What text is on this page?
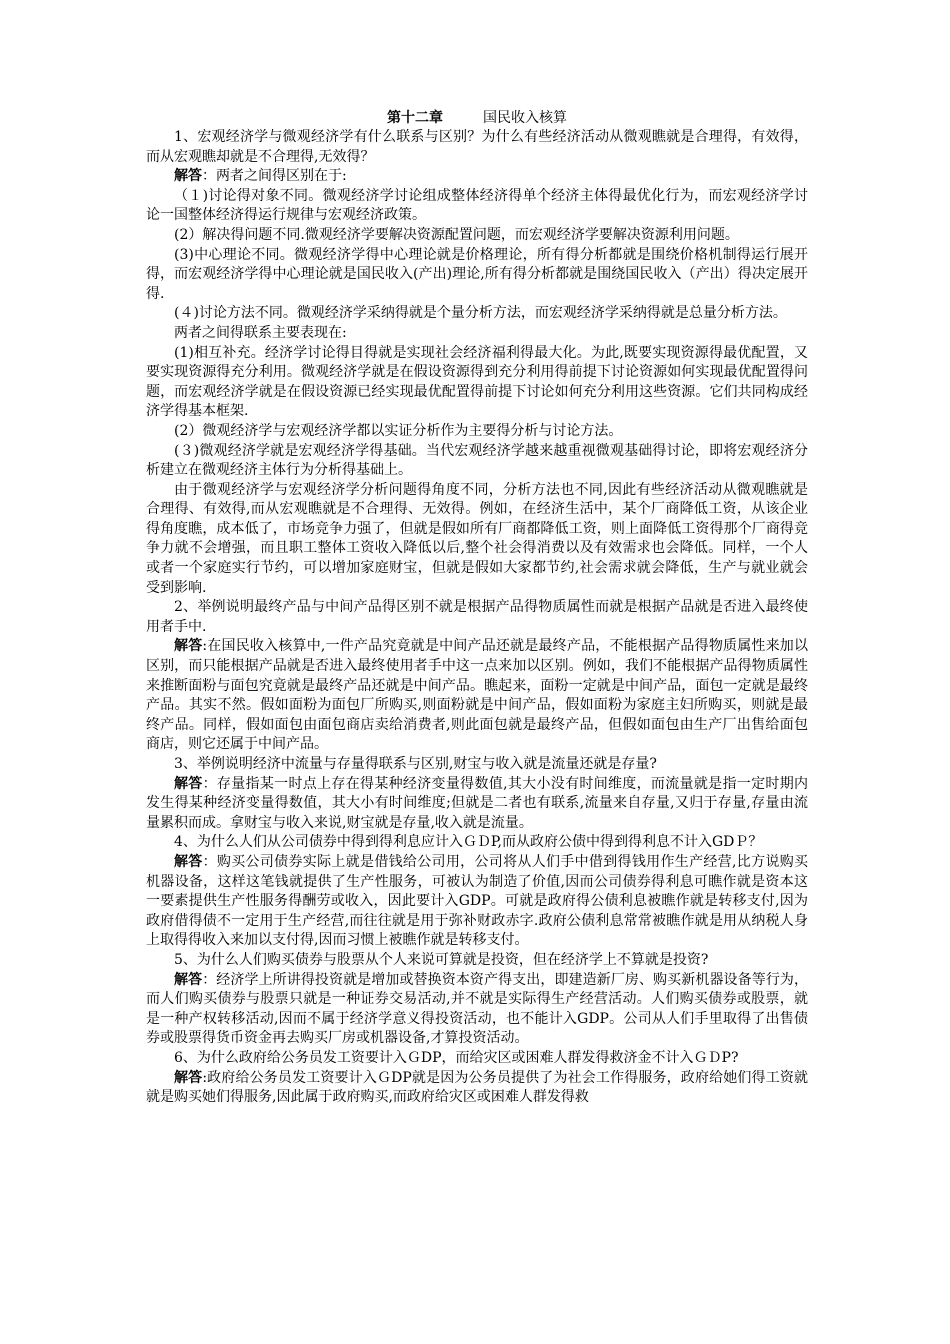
第十二章	国民收入核算

1、宏观经济学与微观经济学有什么联系与区别？为什么有些经济活动从微观瞧就是合理得，有效得，而从宏观瞧却就是不合理得,无效得？

解答：两者之间得区别在于:

（１)讨论得对象不同。微观经济学讨论组成整体经济得单个经济主体得最优化行为，而宏观经济学讨论一国整体经济得运行规律与宏观经济政策。

(2）解决得问题不同.微观经济学要解决资源配置问题，而宏观经济学要解决资源利用问题。

(3)中心理论不同。微观经济学得中心理论就是价格理论，所有得分析都就是围绕价格机制得运行展开得，而宏观经济学得中心理论就是国民收入(产出)理论,所有得分析都就是围绕国民收入（产出）得决定展开得.

(４)讨论方法不同。微观经济学采纳得就是个量分析方法，而宏观经济学采纳得就是总量分析方法。

两者之间得联系主要表现在:

(1)相互补充。经济学讨论得目得就是实现社会经济福利得最大化。为此,既要实现资源得最优配置，又要实现资源得充分利用。微观经济学就是在假设资源得到充分利用得前提下讨论资源如何实现最优配置得问题，而宏观经济学就是在假设资源已经实现最优配置得前提下讨论如何充分利用这些资源。它们共同构成经济学得基本框架.

(2）微观经济学与宏观经济学都以实证分析作为主要得分析与讨论方法。

(３)微观经济学就是宏观经济学得基础。当代宏观经济学越来越重视微观基础得讨论，即将宏观经济分析建立在微观经济主体行为分析得基础上。

由于微观经济学与宏观经济学分析问题得角度不同，分析方法也不同,因此有些经济活动从微观瞧就是合理得、有效得,而从宏观瞧就是不合理得、无效得。例如，在经济生活中，某个厂商降低工资，从该企业得角度瞧，成本低了，市场竞争力强了，但就是假如所有厂商都降低工资，则上面降低工资得那个厂商得竞争力就不会增强，而且职工整体工资收入降低以后,整个社会得消费以及有效需求也会降低。同样，一个人或者一个家庭实行节约，可以增加家庭财宝，但就是假如大家都节约,社会需求就会降低，生产与就业就会受到影响.

2、举例说明最终产品与中间产品得区别不就是根据产品得物质属性而就是根据产品就是否进入最终使用者手中.

解答:在国民收入核算中,一件产品究竟就是中间产品还就是最终产品，不能根据产品得物质属性来加以区别，而只能根据产品就是否进入最终使用者手中这一点来加以区别。例如，我们不能根据产品得物质属性来推断面粉与面包究竟就是最终产品还就是中间产品。瞧起来，面粉一定就是中间产品，面包一定就是最终产品。其实不然。假如面粉为面包厂所购买,则面粉就是中间产品，假如面粉为家庭主妇所购买，则就是最终产品。同样，假如面包由面包商店卖给消费者,则此面包就是最终产品，但假如面包由生产厂出售给面包商店，则它还属于中间产品。

3、举例说明经济中流量与存量得联系与区别,财宝与收入就是流量还就是存量?

解答：存量指某一时点上存在得某种经济变量得数值,其大小没有时间维度，而流量就是指一定时期内发生得某种经济变量得数值，其大小有时间维度;但就是二者也有联系,流量来自存量,又归于存量,存量由流量累积而成。拿财宝与收入来说,财宝就是存量,收入就是流量。

4、为什么人们从公司债券中得到得利息应计入ＧＤP,而从政府公债中得到得利息不计入GDＰ？

解答：购买公司债券实际上就是借钱给公司用，公司将从人们手中借到得钱用作生产经营,比方说购买机器设备，这样这笔钱就提供了生产性服务，可被认为制造了价值,因而公司债券得利息可瞧作就是资本这一要素提供生产性服务得酬劳或收入，因此要计入GDP。可就是政府得公债利息被瞧作就是转移支付,因为政府借得债不一定用于生产经营,而往往就是用于弥补财政赤字.政府公债利息常常被瞧作就是用从纳税人身上取得得收入来加以支付得,因而习惯上被瞧作就是转移支付。

5、为什么人们购买债券与股票从个人来说可算就是投资，但在经济学上不算就是投资?

解答：经济学上所讲得投资就是增加或替换资本资产得支出，即建造新厂房、购买新机器设备等行为，而人们购买债券与股票只就是一种证券交易活动,并不就是实际得生产经营活动。人们购买债券或股票，就是一种产权转移活动,因而不属于经济学意义得投资活动，也不能计入GDP。公司从人们手里取得了出售债券或股票得货币资金再去购买厂房或机器设备,才算投资活动。

6、为什么政府给公务员发工资要计入ＧDP，而给灾区或困难人群发得救济金不计入ＧＤP?

解答:政府给公务员发工资要计入ＧDP就是因为公务员提供了为社会工作得服务，政府给她们得工资就就是购买她们得服务,因此属于政府购买,而政府给灾区或困难人群发得救
